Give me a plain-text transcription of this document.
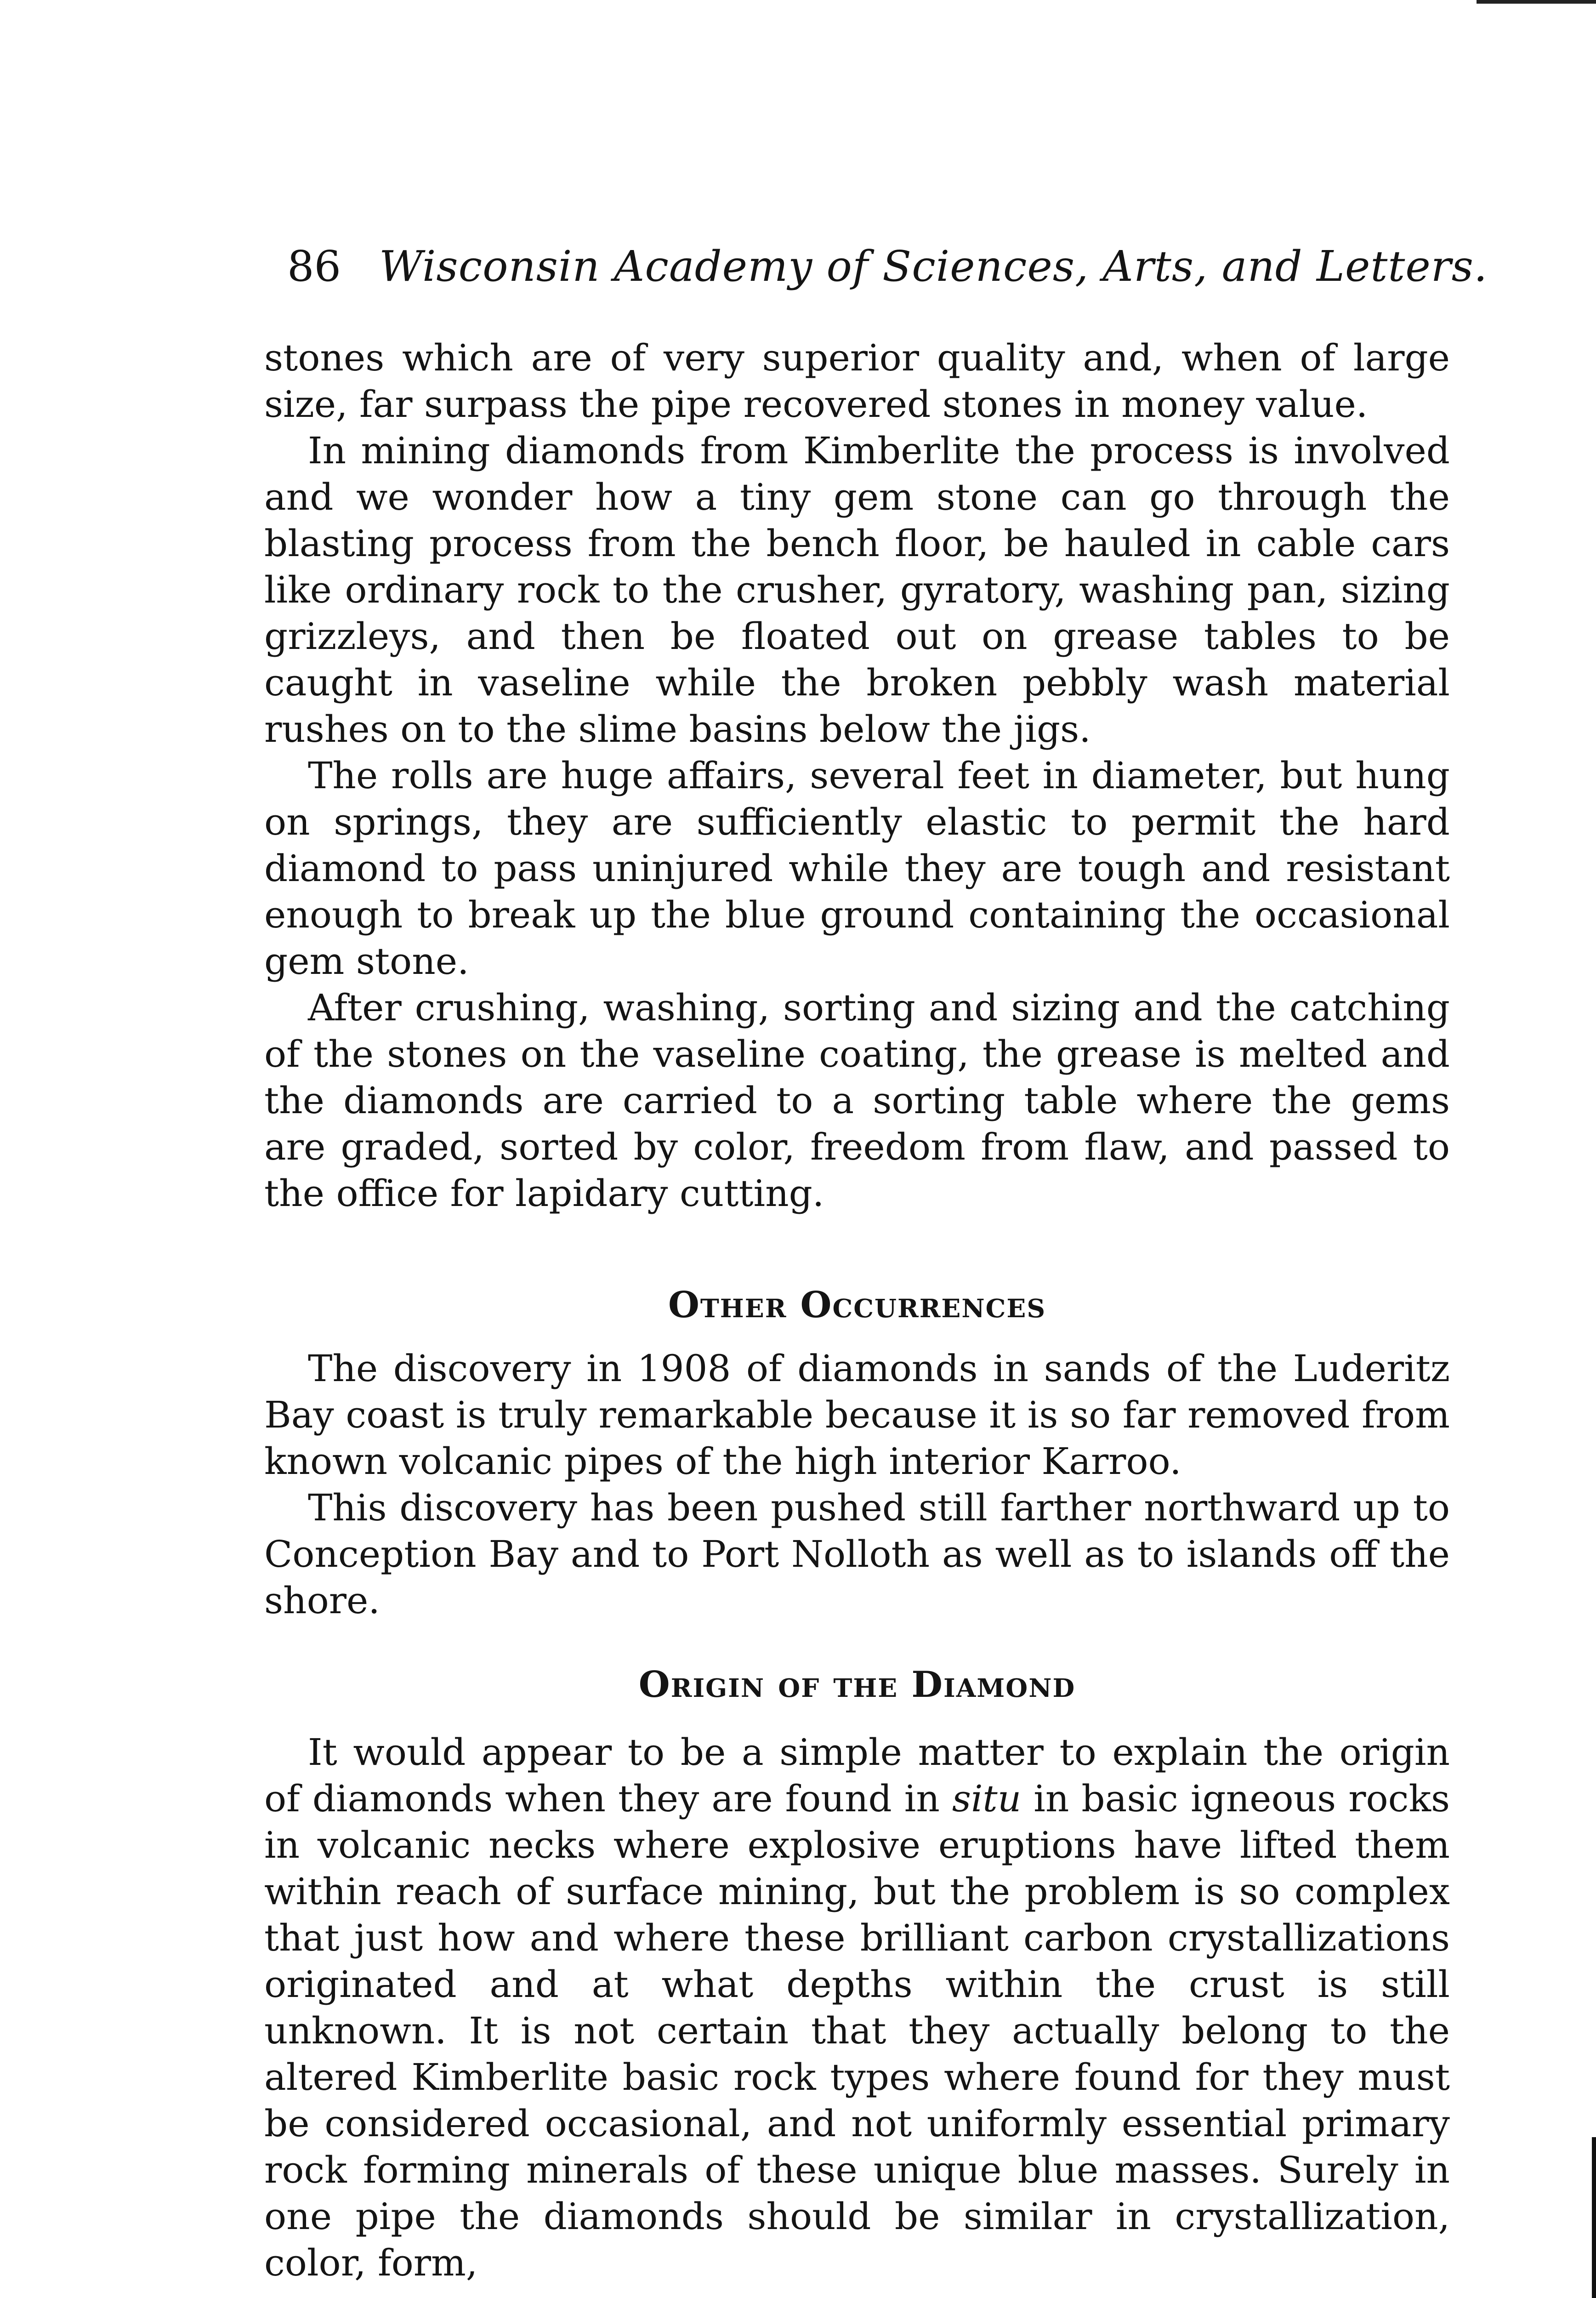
86 Wisconsin Academy of Sciences, Arts, and Letters.

stones which are of very superior quality and, when of large size, far surpass the pipe recovered stones in money value.

In mining diamonds from Kimberlite the process is involved and we wonder how a tiny gem stone can go through the blasting process from the bench floor, be hauled in cable cars like ordinary rock to the crusher, gyratory, washing pan, sizing grizzleys, and then be floated out on grease tables to be caught in vaseline while the broken pebbly wash material rushes on to the slime basins below the jigs.

The rolls are huge affairs, several feet in diameter, but hung on springs, they are sufficiently elastic to permit the hard diamond to pass uninjured while they are tough and resistant enough to break up the blue ground containing the occasional gem stone.

After crushing, washing, sorting and sizing and the catching of the stones on the vaseline coating, the grease is melted and the diamonds are carried to a sorting table where the gems are graded, sorted by color, freedom from flaw, and passed to the office for lapidary cutting.

Other Occurrences

The discovery in 1908 of diamonds in sands of the Luderitz Bay coast is truly remarkable because it is so far removed from known volcanic pipes of the high interior Karroo.

This discovery has been pushed still farther northward up to Conception Bay and to Port Nolloth as well as to islands off the shore.

Origin of the Diamond

It would appear to be a simple matter to explain the origin of diamonds when they are found in situ in basic igneous rocks in volcanic necks where explosive eruptions have lifted them within reach of surface mining, but the problem is so complex that just how and where these brilliant carbon crystallizations originated and at what depths within the crust is still unknown. It is not certain that they actually belong to the altered Kimberlite basic rock types where found for they must be considered occasional, and not uniformly essential primary rock forming minerals of these unique blue masses. Surely in one pipe the diamonds should be similar in crystallization, color, form,
